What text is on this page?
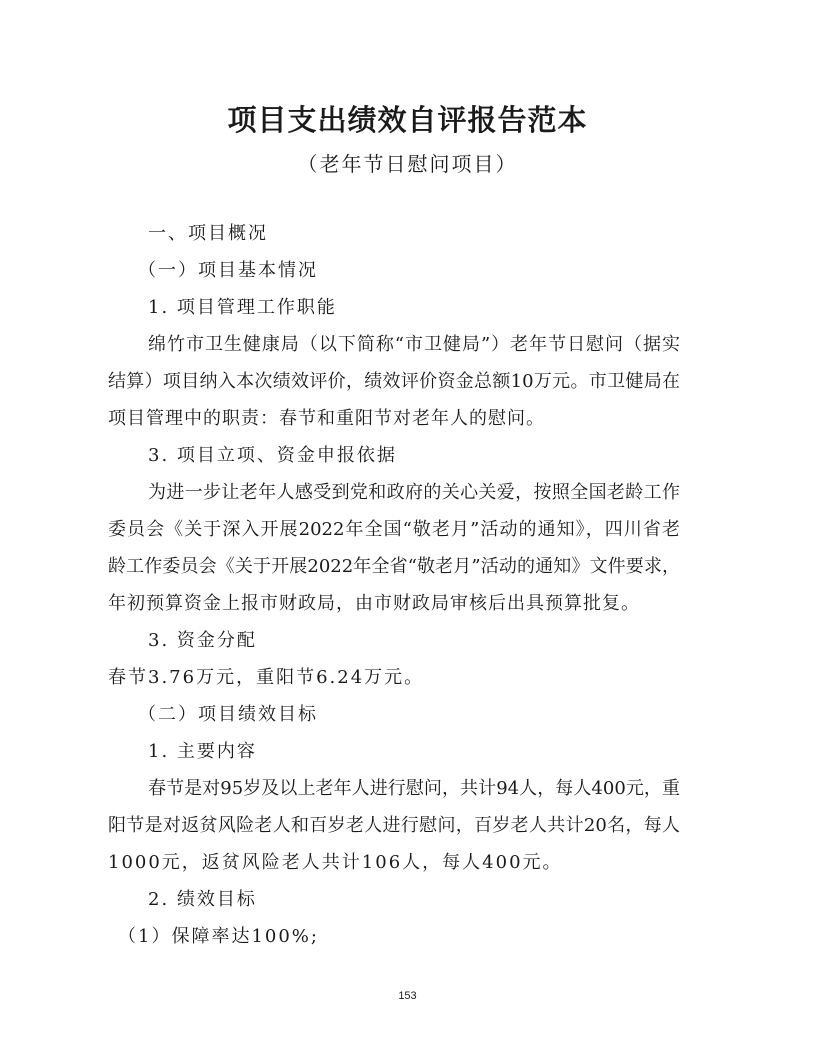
项目支出绩效自评报告范本
（老年节日慰问项目）
一、项目概况
（一）项目基本情况
1. 项目管理工作职能
绵竹市卫生健康局（以下简称“市卫健局”）老年节日慰问（据实
结算）项目纳入本次绩效评价，绩效评价资金总额10万元。市卫健局在
项目管理中的职责：春节和重阳节对老年人的慰问。
3. 项目立项、资金申报依据
为进一步让老年人感受到党和政府的关心关爱，按照全国老龄工作
委员会《关于深入开展2022年全国“敬老月”活动的通知》，四川省老
龄工作委员会《关于开展2022年全省“敬老月”活动的通知》文件要求，
年初预算资金上报市财政局，由市财政局审核后出具预算批复。
3. 资金分配
春节3.76万元，重阳节6.24万元。
（二）项目绩效目标
1. 主要内容
春节是对95岁及以上老年人进行慰问，共计94人，每人400元，重
阳节是对返贫风险老人和百岁老人进行慰问，百岁老人共计20名，每人
1000元，返贫风险老人共计106人，每人400元。
2. 绩效目标
（1）保障率达100%;
153
